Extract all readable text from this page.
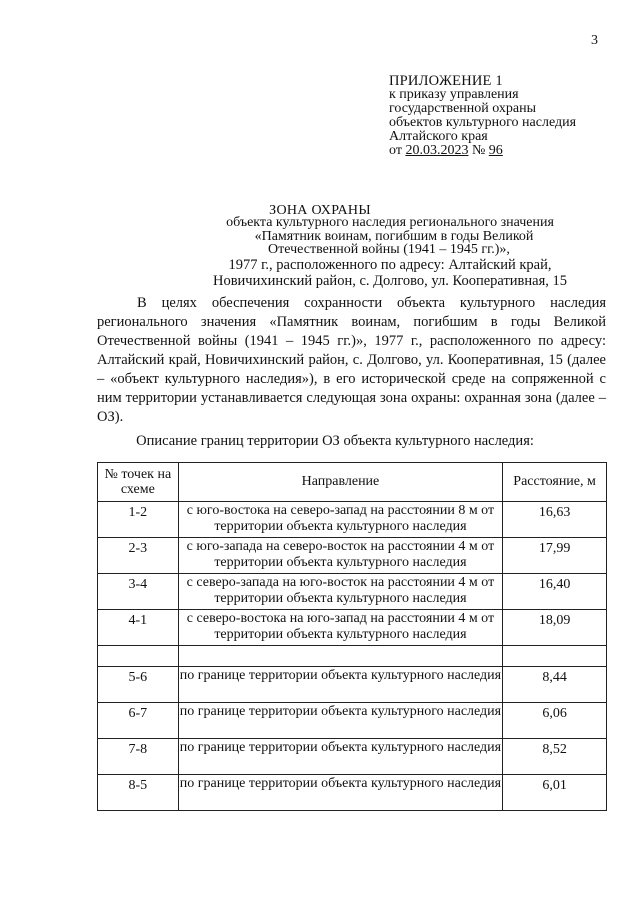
3
ПРИЛОЖЕНИЕ 1
к приказу управления
государственной охраны
объектов культурного наследия
Алтайского края
от 20.03.2023 № 96
ЗОНА ОХРАНЫ
объекта культурного наследия регионального значения
«Памятник воинам, погибшим в годы Великой
Отечественной войны (1941 – 1945 гг.)»,
1977 г., расположенного по адресу: Алтайский край,
Новичихинский район, с. Долгово, ул. Кооперативная, 15
В целях обеспечения сохранности объекта культурного наследия регионального значения «Памятник воинам, погибшим в годы Великой Отечественной войны (1941 – 1945 гг.)», 1977 г., расположенного по адресу: Алтайский край, Новичихинский район, с. Долгово, ул. Кооперативная, 15 (далее – «объект культурного наследия»), в его исторической среде на сопряженной с ним территории устанавливается следующая зона охраны: охранная зона (далее – ОЗ).
Описание границ территории ОЗ объекта культурного наследия:
№ точек на схеме	Направление	Расстояние, м
1-2	с юго-востока на северо-запад на расстоянии 8 м от территории объекта культурного наследия	16,63
2-3	с юго-запада на северо-восток на расстоянии 4 м от территории объекта культурного наследия	17,99
3-4	с северо-запада на юго-восток на расстоянии 4 м от территории объекта культурного наследия	16,40
4-1	с северо-востока на юго-запад на расстоянии 4 м от территории объекта культурного наследия	18,09

5-6	по границе территории объекта культурного наследия	8,44
6-7	по границе территории объекта культурного наследия	6,06
7-8	по границе территории объекта культурного наследия	8,52
8-5	по границе территории объекта культурного наследия	6,01
